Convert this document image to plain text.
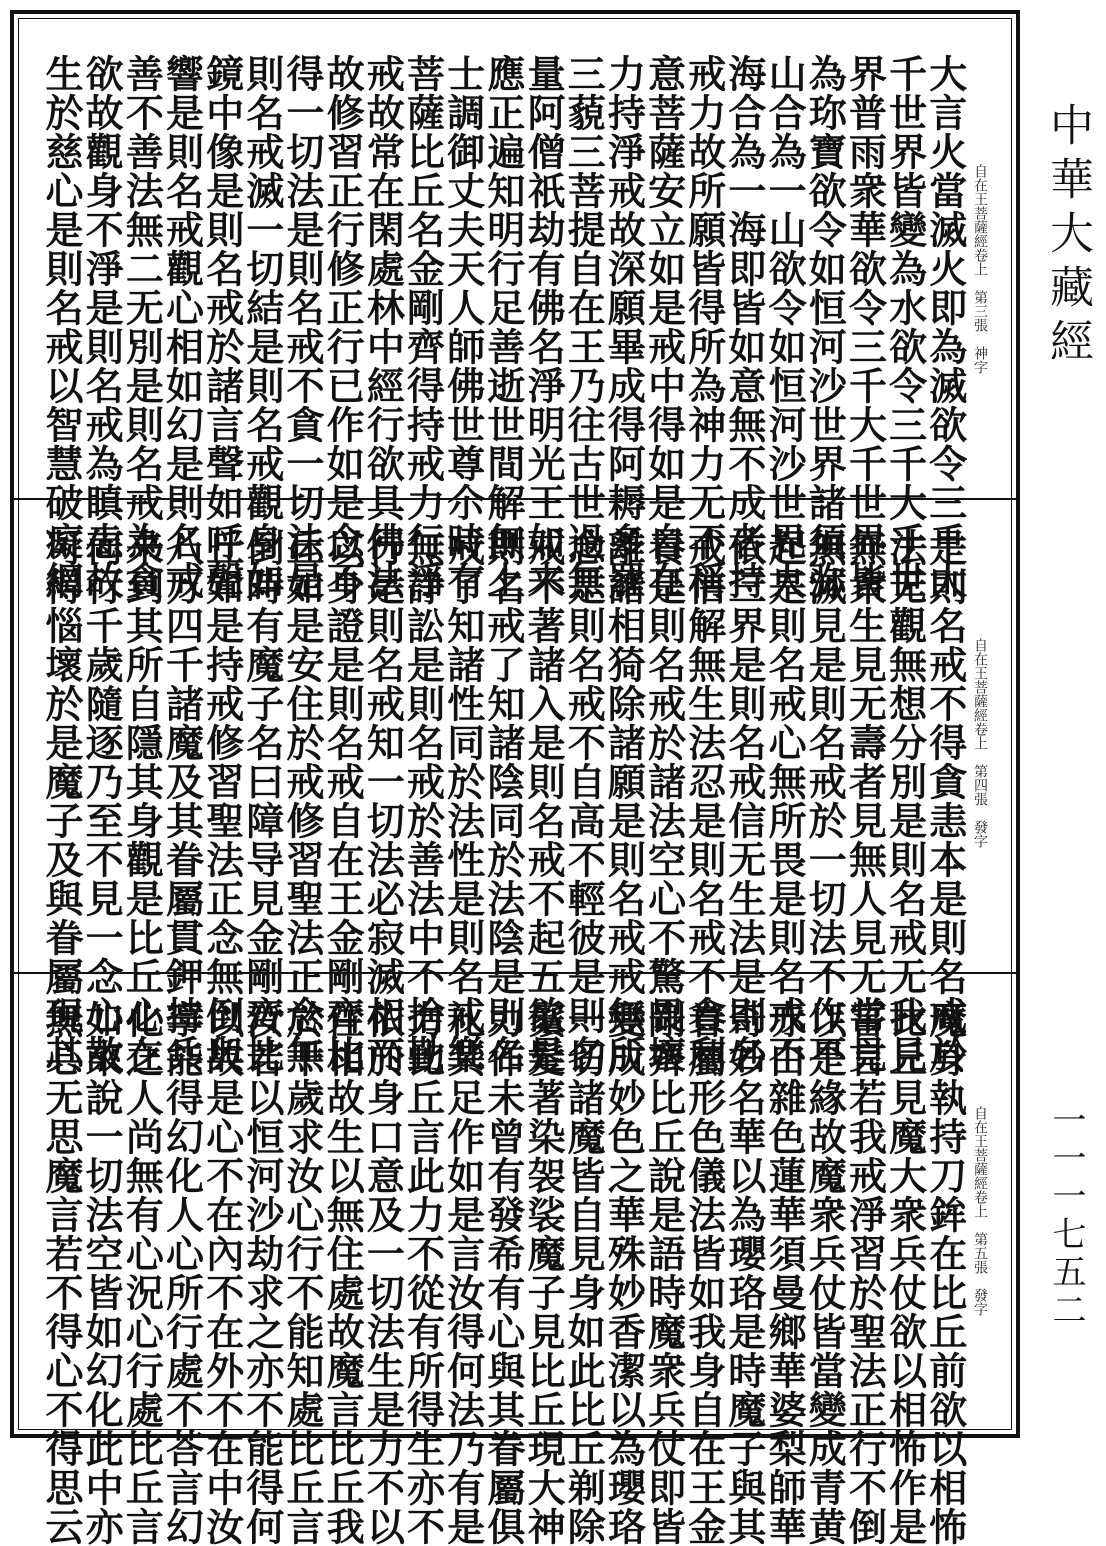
大言火當滅火即為滅欲令三千大
千世界皆變為水欲令三千大千世
界普雨衆華欲令三千大千世界皆
為珎寶欲令如恒河沙世界諸須弥
山合為一山欲令如恒河沙世界大
海合為一海即皆如意無不成者持
戒力故所願皆得所為神力无不稱
意菩薩安立如是戒中得如是自在
力持淨戒故深願畢成得阿耨多羅
三藐三菩提自在王乃往古世過無
量阿僧祇劫有佛名淨明光王如来
應正遍知明行足善逝世間解無上
士調御丈夫天人師佛世尊尒時有
菩薩比丘名金剛齊得持戒力行淨
戒故常在閑處林中經行欲具佛法
故修習正行修正行已作如是念不
得一切法是則名戒不貪一切法是
則名戒滅一切結是則名戒觀身如
鏡中像是則名戒於諸言聲如呼聲
響是則名戒觀心相如幻是則名戒
善不善法無二无別是則名戒為貪
欲故觀身不淨是則名戒為瞋恚故
生於慈心是則名戒以智慧破癡網	自在王菩薩經卷上　第三張　神字
是則名戒不得貪恚本是則名戒於
法无觀無想分別是則名戒无我見
無衆生見无壽者見無人見无常見
無滅見是則名戒於一切法不作不
起是則名戒心無所畏是則名戒不
依三界是則名戒信无生法是則名
戒信解無生法忍是則名戒不貪利
養是則名戒於諸法空心不驚畏壞
離諸相猗除諸願是則名戒戒無所
念是則名戒不自高不輕彼是則名
戒不著諸入是則名戒不起五欲是
則名戒了知諸陰同於法陰是則名
戒了知諸性同於法性是則名戒樂
無諍訟是則名戒於善法中不捨勤
行是則名戒知一切法必寂滅相而
以身證是則名戒自在王金剛齊比
丘如是安住於戒修習聖法正念無
倒時有魔子名曰障导見金剛齊比
丘如是持戒修習聖法正念無倒與
八万四千諸魔及其眷屬貫鉀持兵
来到其所自隱其身觀是比丘心在
何行千歲隨逐乃至不見一念心散
可得惱壞於是魔子及與眷屬現其	自在王菩薩經卷上　第四張　發字
魔身執持刀鉾在比丘前欲以相怖
比丘見魔大衆兵仗欲以相怖作是
誓言若我戒淨習於聖法正行不倒
以是緣故魔衆兵仗皆當變成青黄
赤白雜色蓮華須曼鄉華婆梨師華
奇妙名華以為瓔珞是時魔子與其
眷屬形色儀法皆如我身自在王金
剛齊比丘說是語時魔衆兵仗即皆
變成妙色之華殊妙香潔以為瓔珞
一切諸魔皆自見身如此比丘剃除
鬚髮著染袈裟魔子見比丘現大神
力作未曾有發希有心與其眷屬俱
礼其足作如是言汝得何法乃有是
力比丘言此力不從有所得生亦不
依於身口意及一切法生是力不以
住相故生以無住處故魔言比丘我
於千歲求汝心行不能知處比丘言
汝若以恒河沙劫求之亦不能得何
以故是心不在內不在外不在中汝
寧能得幻化人心所行處不荅言幻
化之人尚無有心況心行處比丘言
如來說一切法空皆如幻化此中亦
無心无思魔言若不得心不得思云	自在王菩薩經卷上　第五張　發字
中華大藏經
一一一七五二
